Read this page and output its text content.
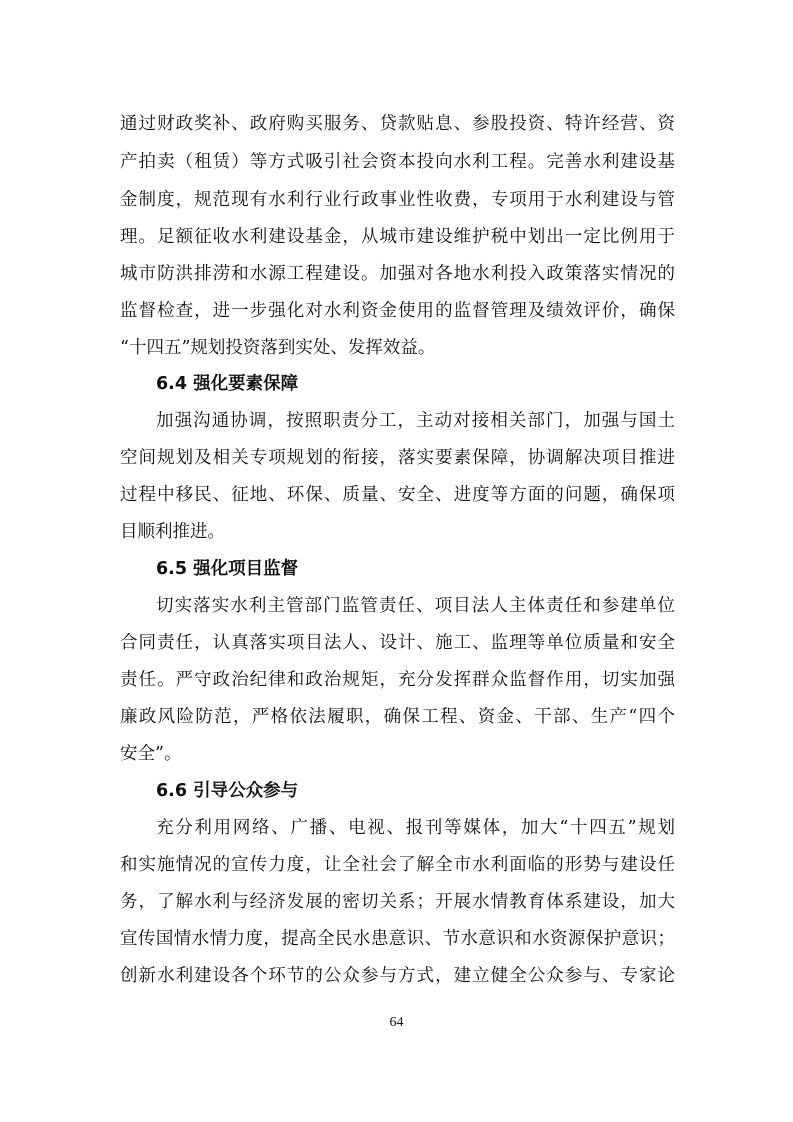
通过财政奖补、政府购买服务、贷款贴息、参股投资、特许经营、资
产拍卖（租赁）等方式吸引社会资本投向水利工程。完善水利建设基
金制度，规范现有水利行业行政事业性收费，专项用于水利建设与管
理。足额征收水利建设基金，从城市建设维护税中划出一定比例用于
城市防洪排涝和水源工程建设。加强对各地水利投入政策落实情况的
监督检查，进一步强化对水利资金使用的监督管理及绩效评价，确保
“十四五”规划投资落到实处、发挥效益。
6.4 强化要素保障
加强沟通协调，按照职责分工，主动对接相关部门，加强与国土
空间规划及相关专项规划的衔接，落实要素保障，协调解决项目推进
过程中移民、征地、环保、质量、安全、进度等方面的问题，确保项
目顺利推进。
6.5 强化项目监督
切实落实水利主管部门监管责任、项目法人主体责任和参建单位
合同责任，认真落实项目法人、设计、施工、监理等单位质量和安全
责任。严守政治纪律和政治规矩，充分发挥群众监督作用，切实加强
廉政风险防范，严格依法履职，确保工程、资金、干部、生产“四个
安全”。
6.6 引导公众参与
充分利用网络、广播、电视、报刊等媒体，加大“十四五”规划
和实施情况的宣传力度，让全社会了解全市水利面临的形势与建设任
务，了解水利与经济发展的密切关系；开展水情教育体系建设，加大
宣传国情水情力度，提高全民水患意识、节水意识和水资源保护意识；
创新水利建设各个环节的公众参与方式，建立健全公众参与、专家论
64
